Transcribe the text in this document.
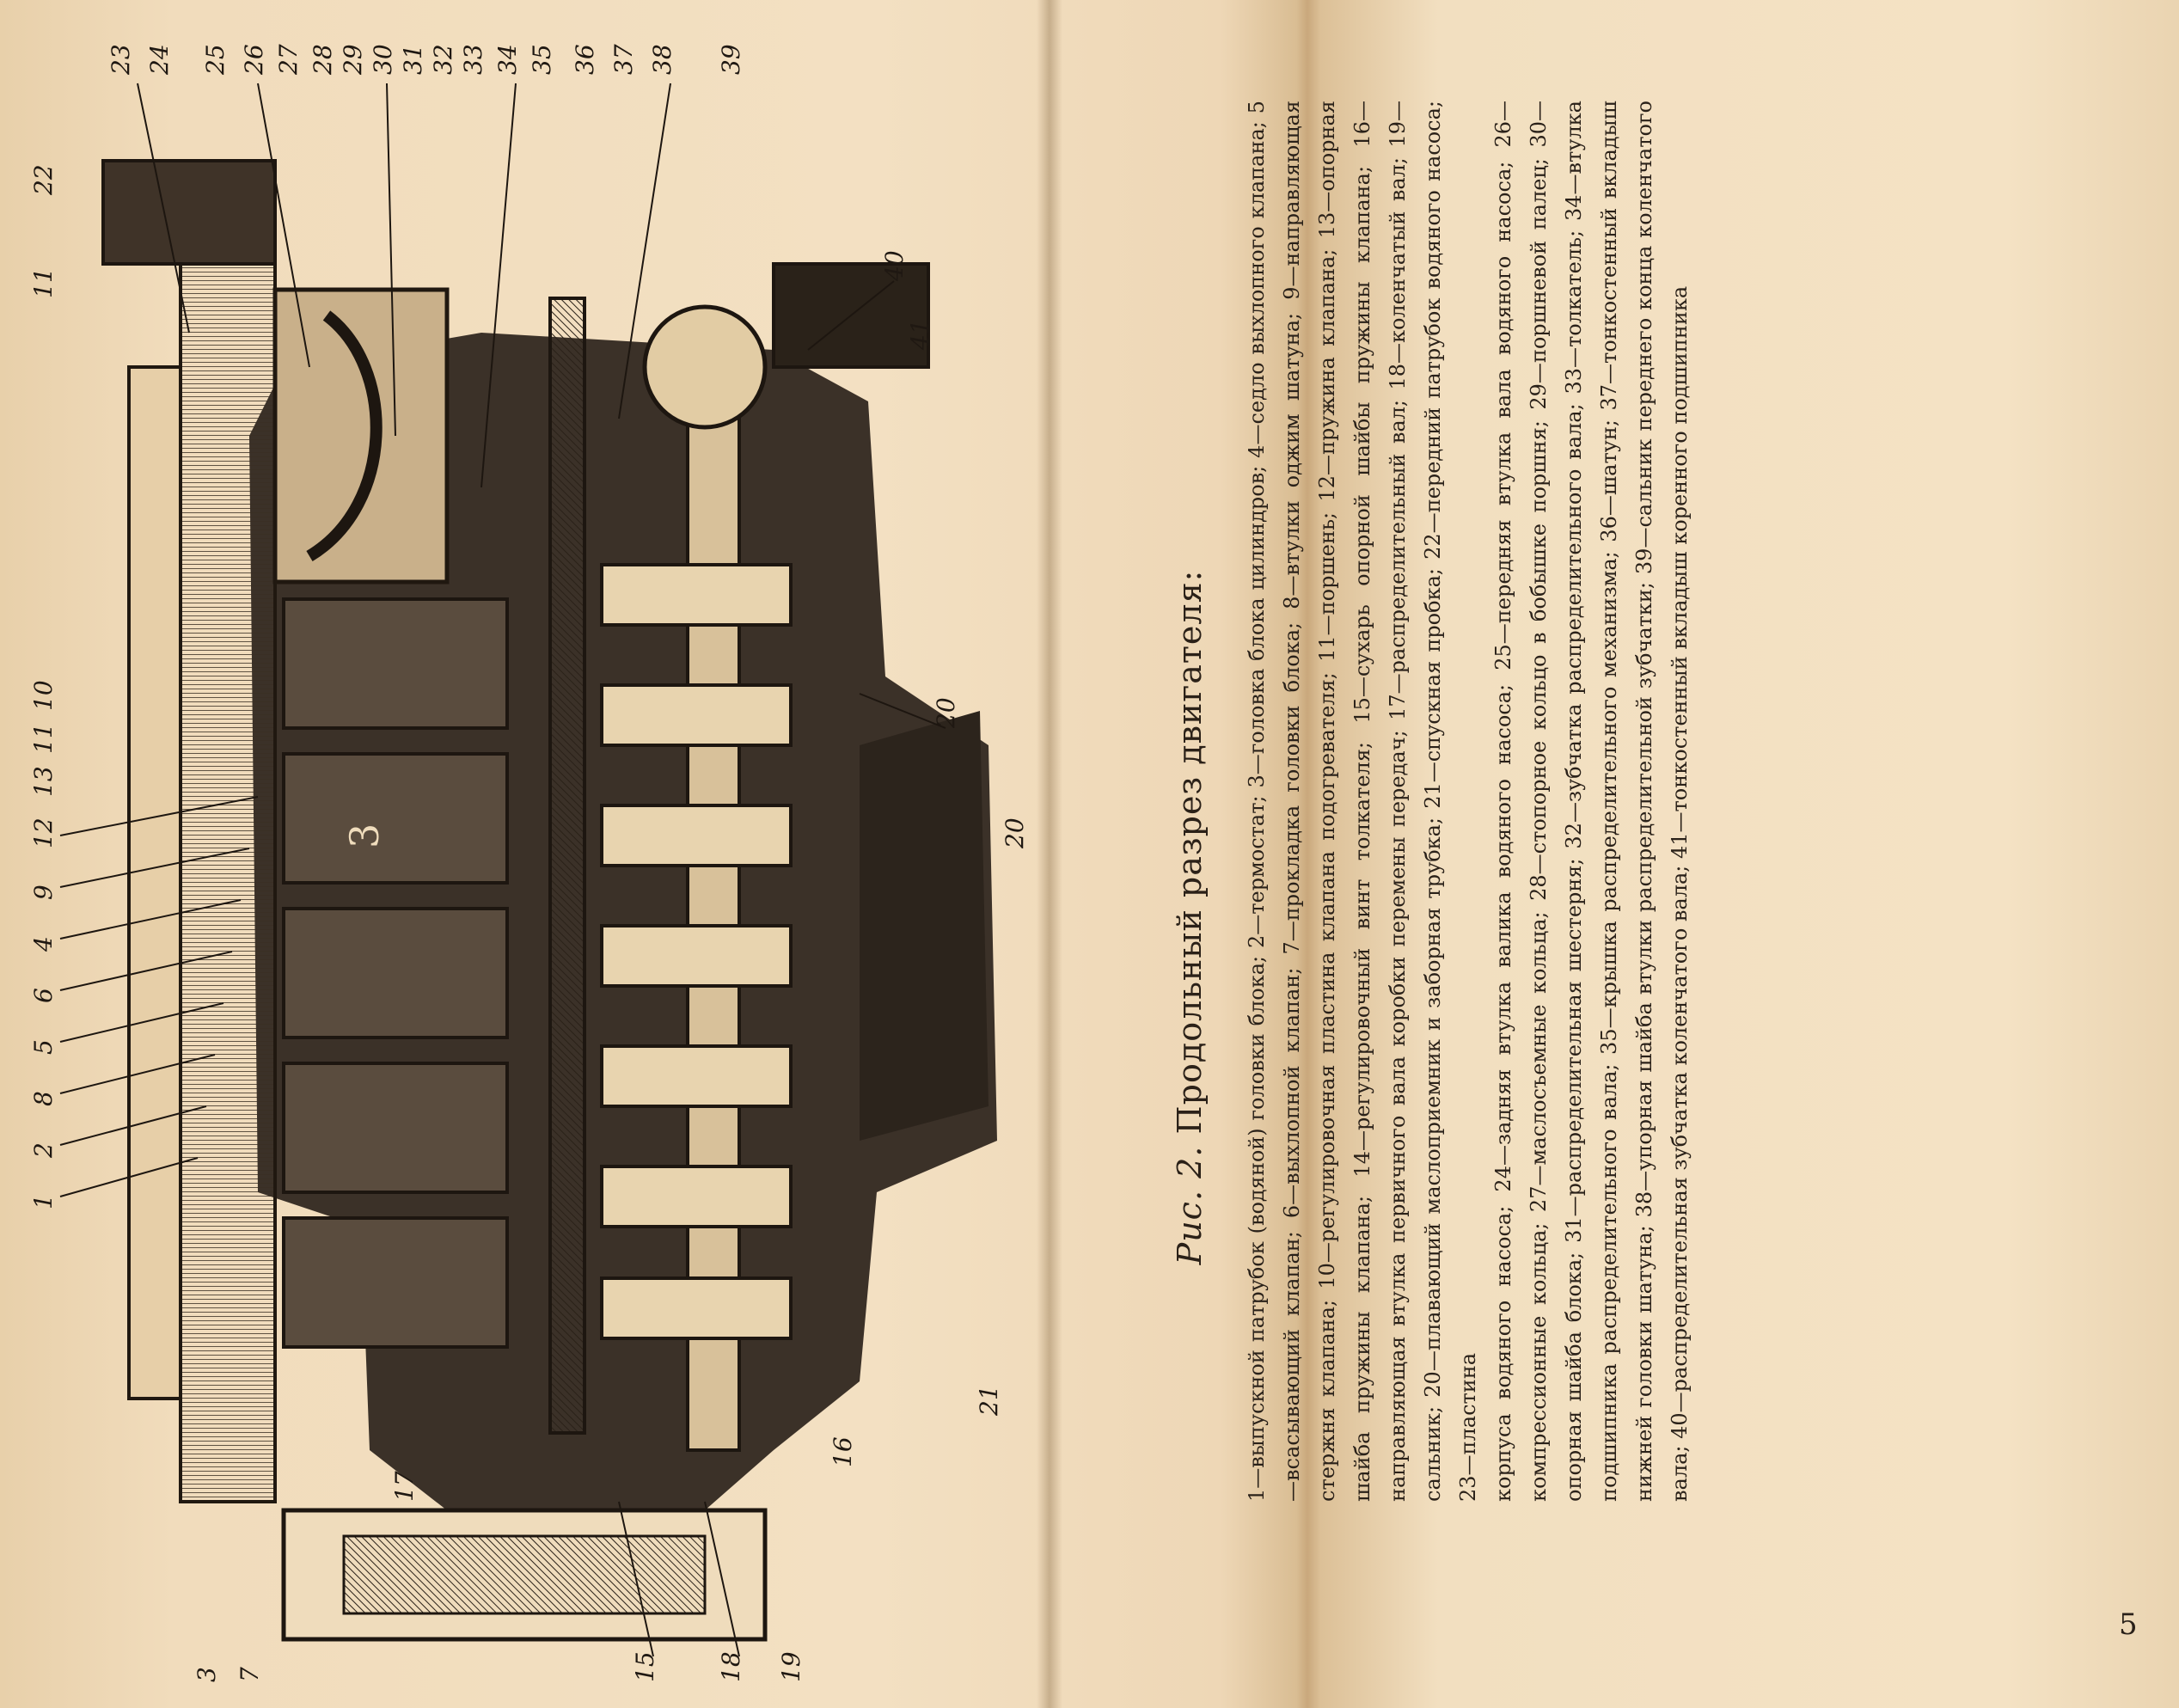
3
1
2
8
5
6
4
9
12
13
11
10
22
11
23 24 25 26 27 28 29 30 31 32 33 34 35 36 37 38 39
40
41
20
20
21
3 7
17
15 18 19
16
Рис. 2. Продольный разрез двигателя: 1—выпускной патрубок (водяной) головки блока; 2—термостат; 3—головка блока цилиндров; 4—седло выхлопного клапана; 5—всасывающий клапан; 6—выхлопной клапан; 7—прокладка головки блока; 8—втулки оджим шатуна; 9—направляющая стержня клапана; 10—регулировочная пластина клапана подогревателя; 11—поршень; 12—пружина клапана; 13—опорная шайба пружины клапана; 14—регулировочный винт толкателя; 15—сухарь опорной шайбы пружины клапана; 16—направляющая втулка первичного вала коробки перемены передач; 17—распределительный вал; 18—коленчатый вал; 19—сальник; 20—плавающий маслоприемник и заборная трубка; 21—спускная пробка; 22—передний патрубок водяного насоса; 23—пластина корпуса водяного насоса; 24—задняя втулка валика водяного насоса; 25—передняя втулка вала водяного насоса; 26—компрессионные кольца; 27—маслосъемные кольца; 28—стопорное кольцо в бобышке поршня; 29—поршневой палец; 30—опорная шайба блока; 31—распределительная шестерня; 32—зубчатка распределительного вала; 33—толкатель; 34—втулка подшипника распределительного вала; 35—крышка распределительного механизма; 36—шатун; 37—тонкостенный вкладыш нижней головки шатуна; 38—упорная шайба втулки распределительной зубчатки; 39—сальник переднего конца коленчатого вала; 40—распределительная зубчатка коленчатого вала; 41—тонкостенный вкладыш коренного подшипника
5
